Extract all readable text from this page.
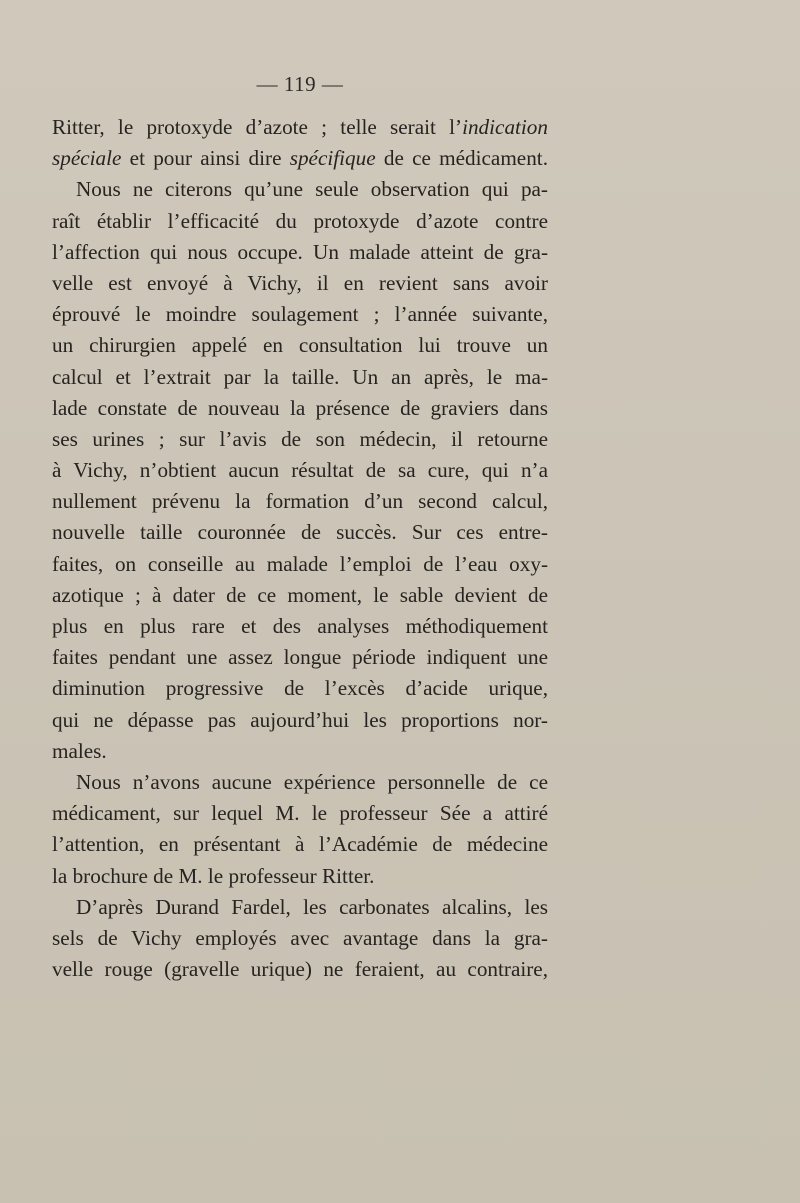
— 119 —
Ritter, le protoxyde d’azote ; telle serait l’indication
spéciale et pour ainsi dire spécifique de ce médicament.
Nous ne citerons qu’une seule observation qui pa-
raît établir l’efficacité du protoxyde d’azote contre
l’affection qui nous occupe. Un malade atteint de gra-
velle est envoyé à Vichy, il en revient sans avoir
éprouvé le moindre soulagement ; l’année suivante,
un chirurgien appelé en consultation lui trouve un
calcul et l’extrait par la taille. Un an après, le ma-
lade constate de nouveau la présence de graviers dans
ses urines ; sur l’avis de son médecin, il retourne
à Vichy, n’obtient aucun résultat de sa cure, qui n’a
nullement prévenu la formation d’un second calcul,
nouvelle taille couronnée de succès. Sur ces entre-
faites, on conseille au malade l’emploi de l’eau oxy-
azotique ; à dater de ce moment, le sable devient de
plus en plus rare et des analyses méthodiquement
faites pendant une assez longue période indiquent une
diminution progressive de l’excès d’acide urique,
qui ne dépasse pas aujourd’hui les proportions nor-
males.
Nous n’avons aucune expérience personnelle de ce
médicament, sur lequel M. le professeur Sée a attiré
l’attention, en présentant à l’Académie de médecine
la brochure de M. le professeur Ritter.
D’après Durand Fardel, les carbonates alcalins, les
sels de Vichy employés avec avantage dans la gra-
velle rouge (gravelle urique) ne feraient, au contraire,
